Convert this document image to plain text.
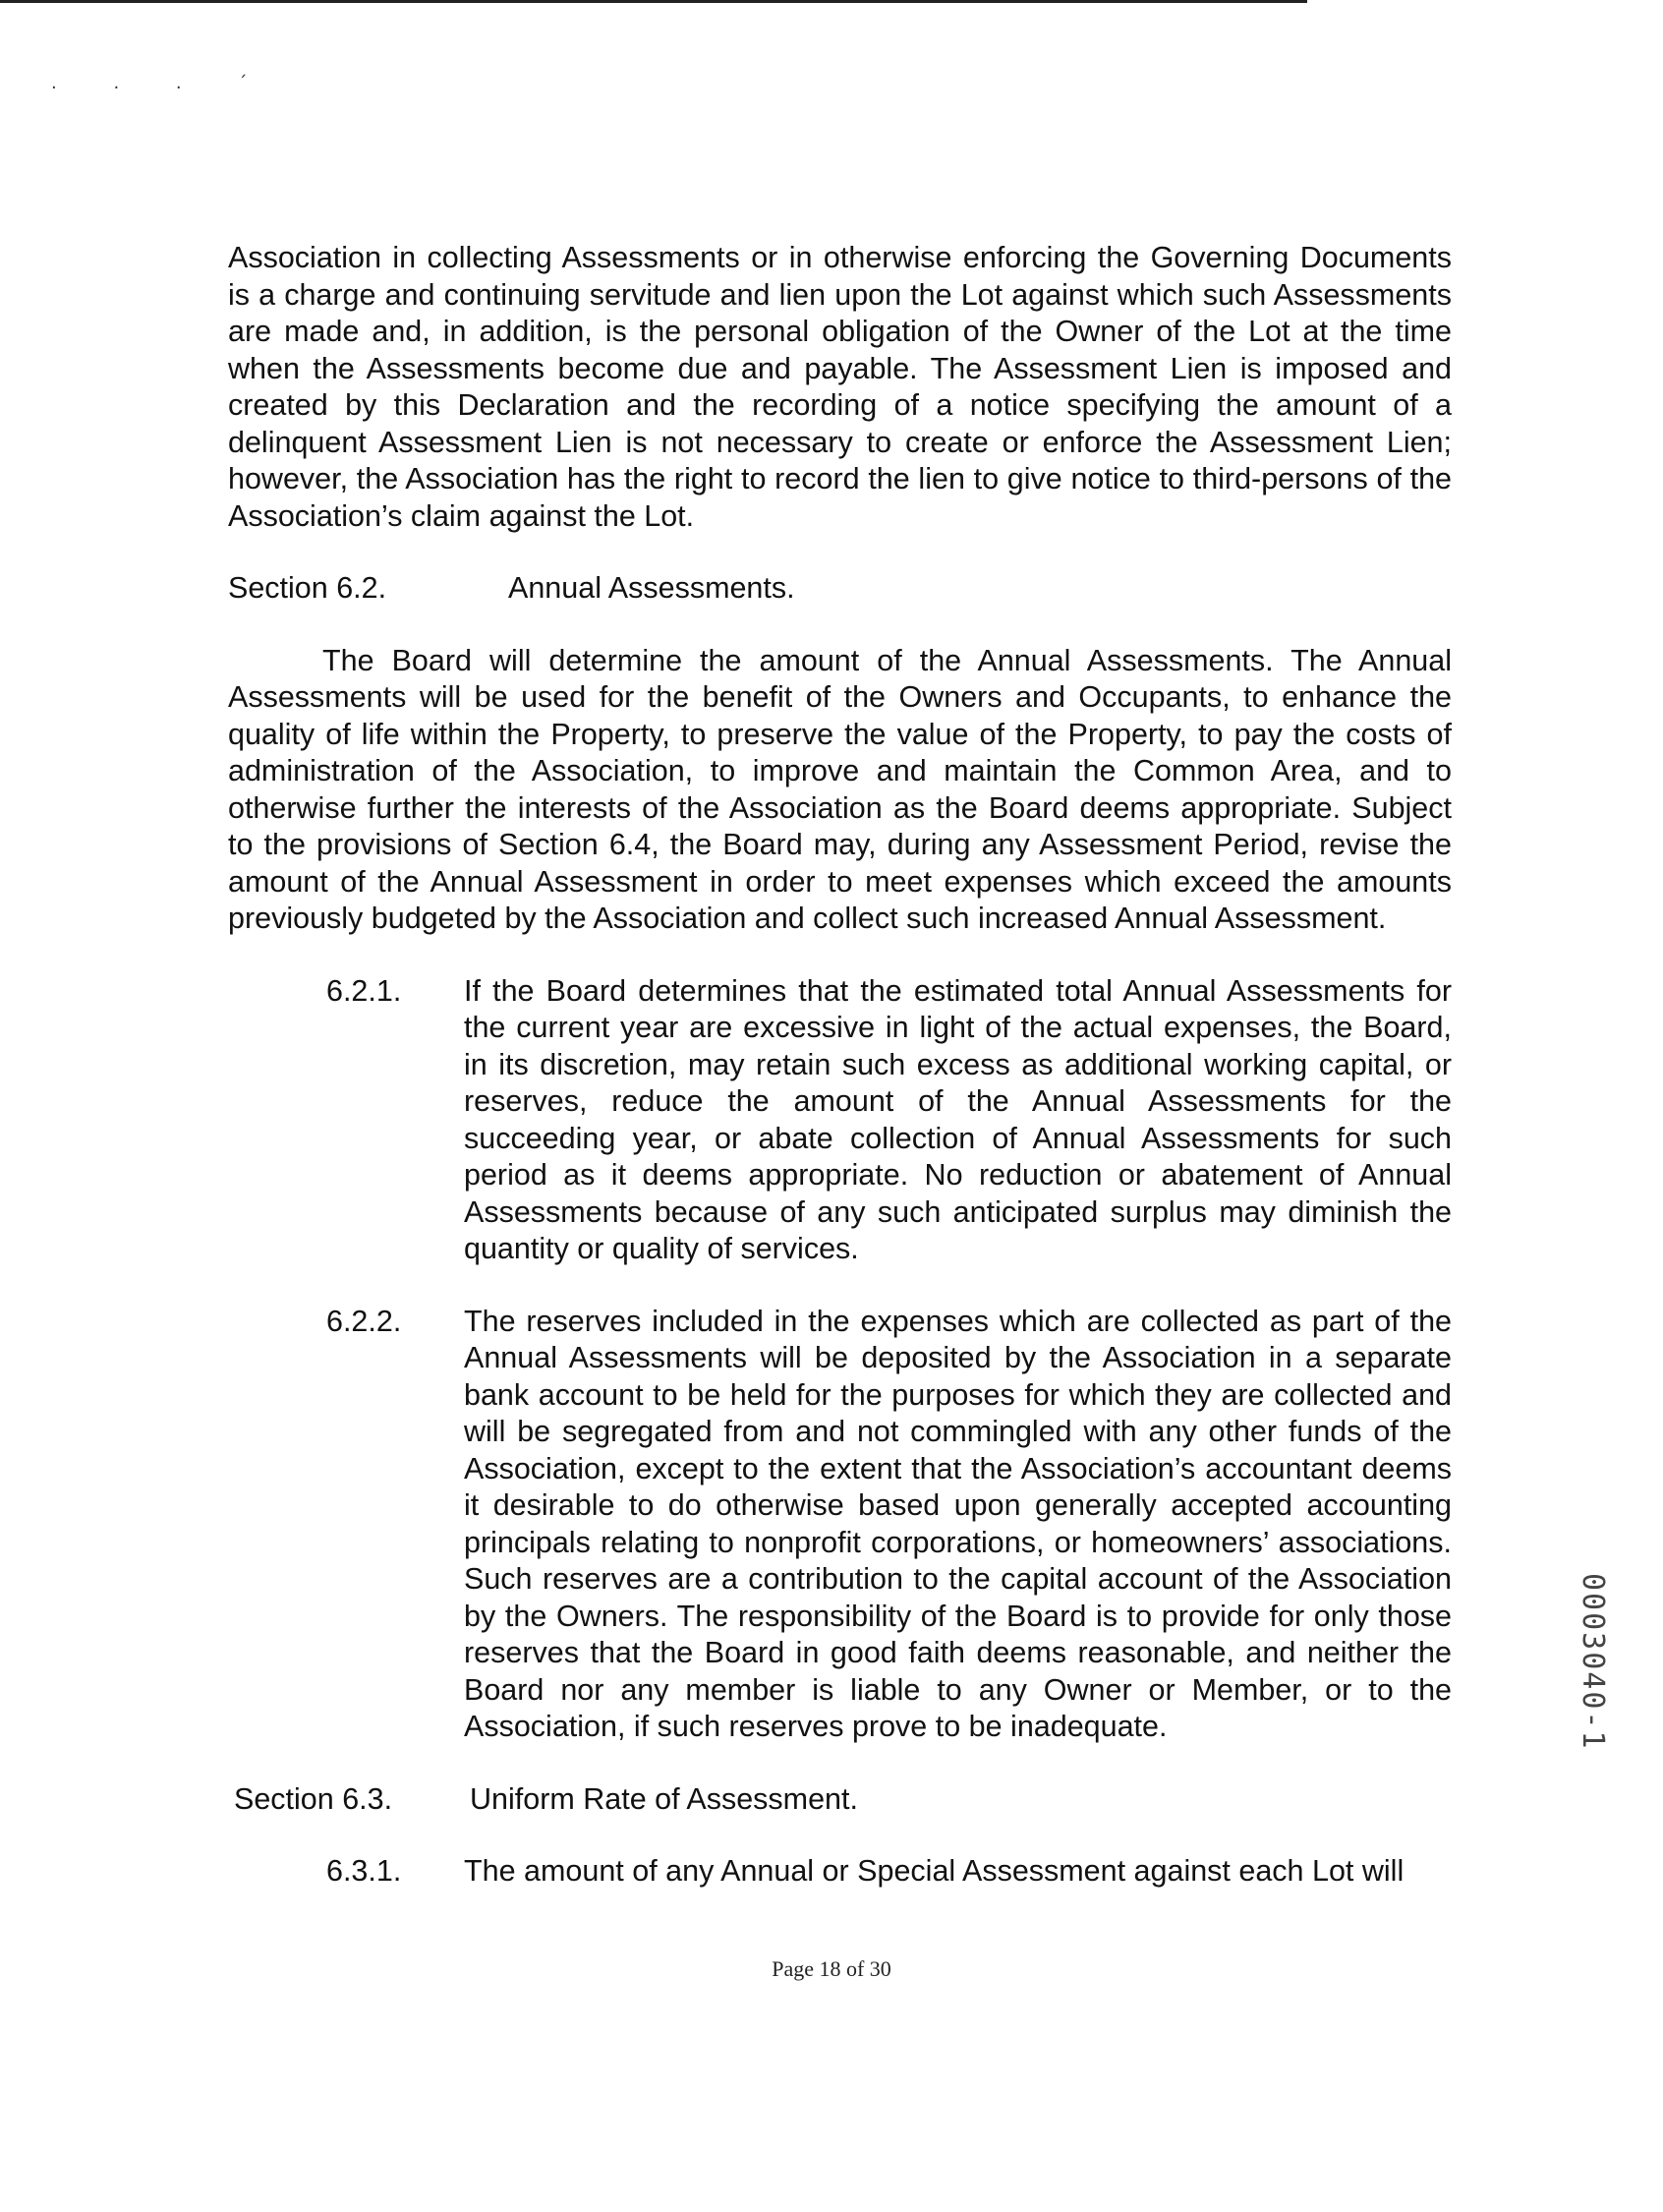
. . . ´

Association in collecting Assessments or in otherwise enforcing the Governing Documents is a charge and continuing servitude and lien upon the Lot against which such Assessments are made and, in addition, is the personal obligation of the Owner of the Lot at the time when the Assessments become due and payable. The Assessment Lien is imposed and created by this Declaration and the recording of a notice specifying the amount of a delinquent Assessment Lien is not necessary to create or enforce the Assessment Lien; however, the Association has the right to record the lien to give notice to third-persons of the Association’s claim against the Lot.

Section 6.2.	Annual Assessments.

The Board will determine the amount of the Annual Assessments. The Annual Assessments will be used for the benefit of the Owners and Occupants, to enhance the quality of life within the Property, to preserve the value of the Property, to pay the costs of administration of the Association, to improve and maintain the Common Area, and to otherwise further the interests of the Association as the Board deems appropriate. Subject to the provisions of Section 6.4, the Board may, during any Assessment Period, revise the amount of the Annual Assessment in order to meet expenses which exceed the amounts previously budgeted by the Association and collect such increased Annual Assessment.

6.2.1.	If the Board determines that the estimated total Annual Assessments for the current year are excessive in light of the actual expenses, the Board, in its discretion, may retain such excess as additional working capital, or reserves, reduce the amount of the Annual Assessments for the succeeding year, or abate collection of Annual Assessments for such period as it deems appropriate. No reduction or abatement of Annual Assessments because of any such anticipated surplus may diminish the quantity or quality of services.
6.2.2.	The reserves included in the expenses which are collected as part of the Annual Assessments will be deposited by the Association in a separate bank account to be held for the purposes for which they are collected and will be segregated from and not commingled with any other funds of the Association, except to the extent that the Association’s accountant deems it desirable to do otherwise based upon generally accepted accounting principals relating to nonprofit corporations, or homeowners’ associations. Such reserves are a contribution to the capital account of the Association by the Owners. The responsibility of the Board is to provide for only those reserves that the Board in good faith deems reasonable, and neither the Board nor any member is liable to any Owner or Member, or to the Association, if such reserves prove to be inadequate.
Section 6.3.	Uniform Rate of Assessment.
6.3.1.	The amount of any Annual or Special Assessment against each Lot will
Page 18 of 30
0003040-1
